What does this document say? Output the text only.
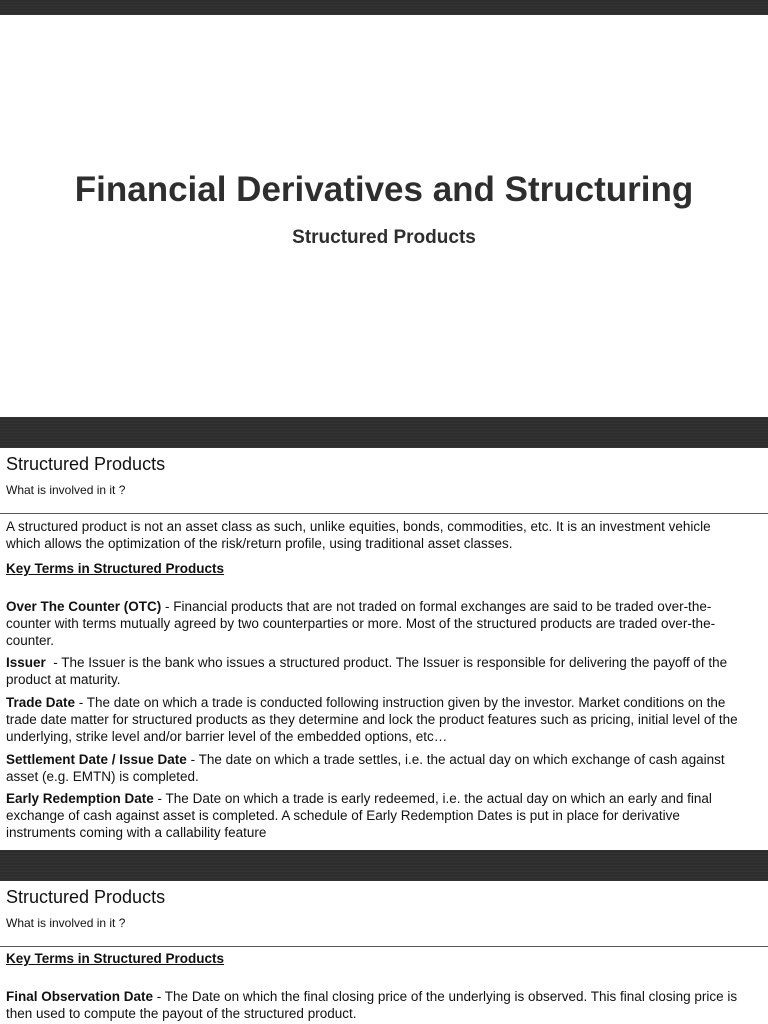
Financial Derivatives and Structuring
Structured Products
Structured Products

What is involved in it ?

A structured product is not an asset class as such, unlike equities, bonds, commodities, etc. It is an investment vehicle which allows the optimization of the risk/return profile, using traditional asset classes.

Key Terms in Structured Products

Over The Counter (OTC) - Financial products that are not traded on formal exchanges are said to be traded over-the-counter with terms mutually agreed by two counterparties or more. Most of the structured products are traded over-the-counter.

Issuer  - The Issuer is the bank who issues a structured product. The Issuer is responsible for delivering the payoff of the product at maturity.

Trade Date - The date on which a trade is conducted following instruction given by the investor. Market conditions on the trade date matter for structured products as they determine and lock the product features such as pricing, initial level of the underlying, strike level and/or barrier level of the embedded options, etc…

Settlement Date / Issue Date - The date on which a trade settles, i.e. the actual day on which exchange of cash against asset (e.g. EMTN) is completed.

Early Redemption Date - The Date on which a trade is early redeemed, i.e. the actual day on which an early and final exchange of cash against asset is completed. A schedule of Early Redemption Dates is put in place for derivative instruments coming with a callability feature

Structured Products

What is involved in it ?

Key Terms in Structured Products

Final Observation Date - The Date on which the final closing price of the underlying is observed. This final closing price is then used to compute the payout of the structured product.
